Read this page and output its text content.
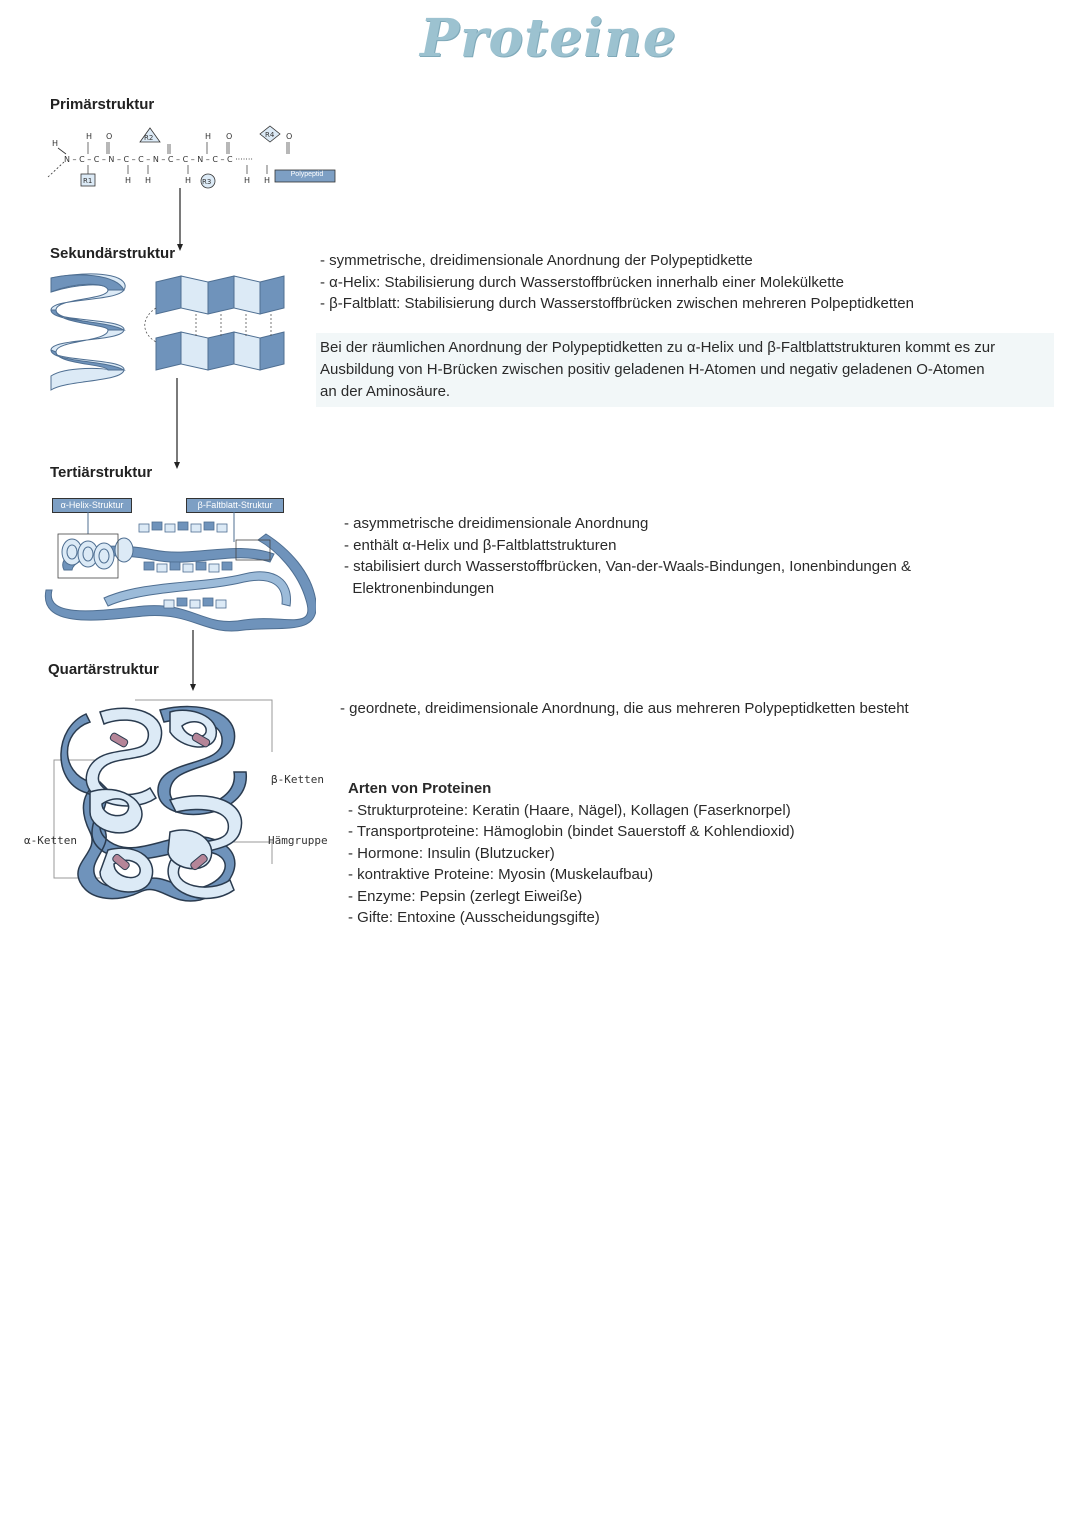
Proteine
Primärstruktur
H
N – C – C – N – C – C – N – C – C – N – C – C ·······
H O	R2	H O	R4 O
R1	H H	H R3	H H
Polypeptid
Sekundärstruktur	- symmetrische, dreidimensionale Anordnung der Polypeptidkette
- α-Helix: Stabilisierung durch Wasserstoffbrücken innerhalb einer Molekülkette
- β-Faltblatt: Stabilisierung durch Wasserstoffbrücken zwischen mehreren Polpeptidketten
Bei der räumlichen Anordnung der Polypeptidketten zu α-Helix und β-Faltblattstrukturen kommt es zur
Ausbildung von H-Brücken zwischen positiv geladenen H-Atomen und negativ geladenen O-Atomen
an der Aminosäure.
Tertiärstruktur
α-Helix-Struktur	β-Faltblatt-Struktur
- asymmetrische dreidimensionale Anordnung
- enthält α-Helix und β-Faltblattstrukturen
- stabilisiert durch Wasserstoffbrücken, Van-der-Waals-Bindungen, Ionenbindungen &
Elektronenbindungen
Quartärstruktur
β-Ketten
α-Ketten	Hämgruppe
- geordnete, dreidimensionale Anordnung, die aus mehreren Polypeptidketten besteht
Arten von Proteinen
- Strukturproteine: Keratin (Haare, Nägel), Kollagen (Faserknorpel)
- Transportproteine: Hämoglobin (bindet Sauerstoff & Kohlendioxid)
- Hormone: Insulin (Blutzucker)
- kontraktive Proteine: Myosin (Muskelaufbau)
- Enzyme: Pepsin (zerlegt Eiweiße)
- Gifte: Entoxine (Ausscheidungsgifte)
